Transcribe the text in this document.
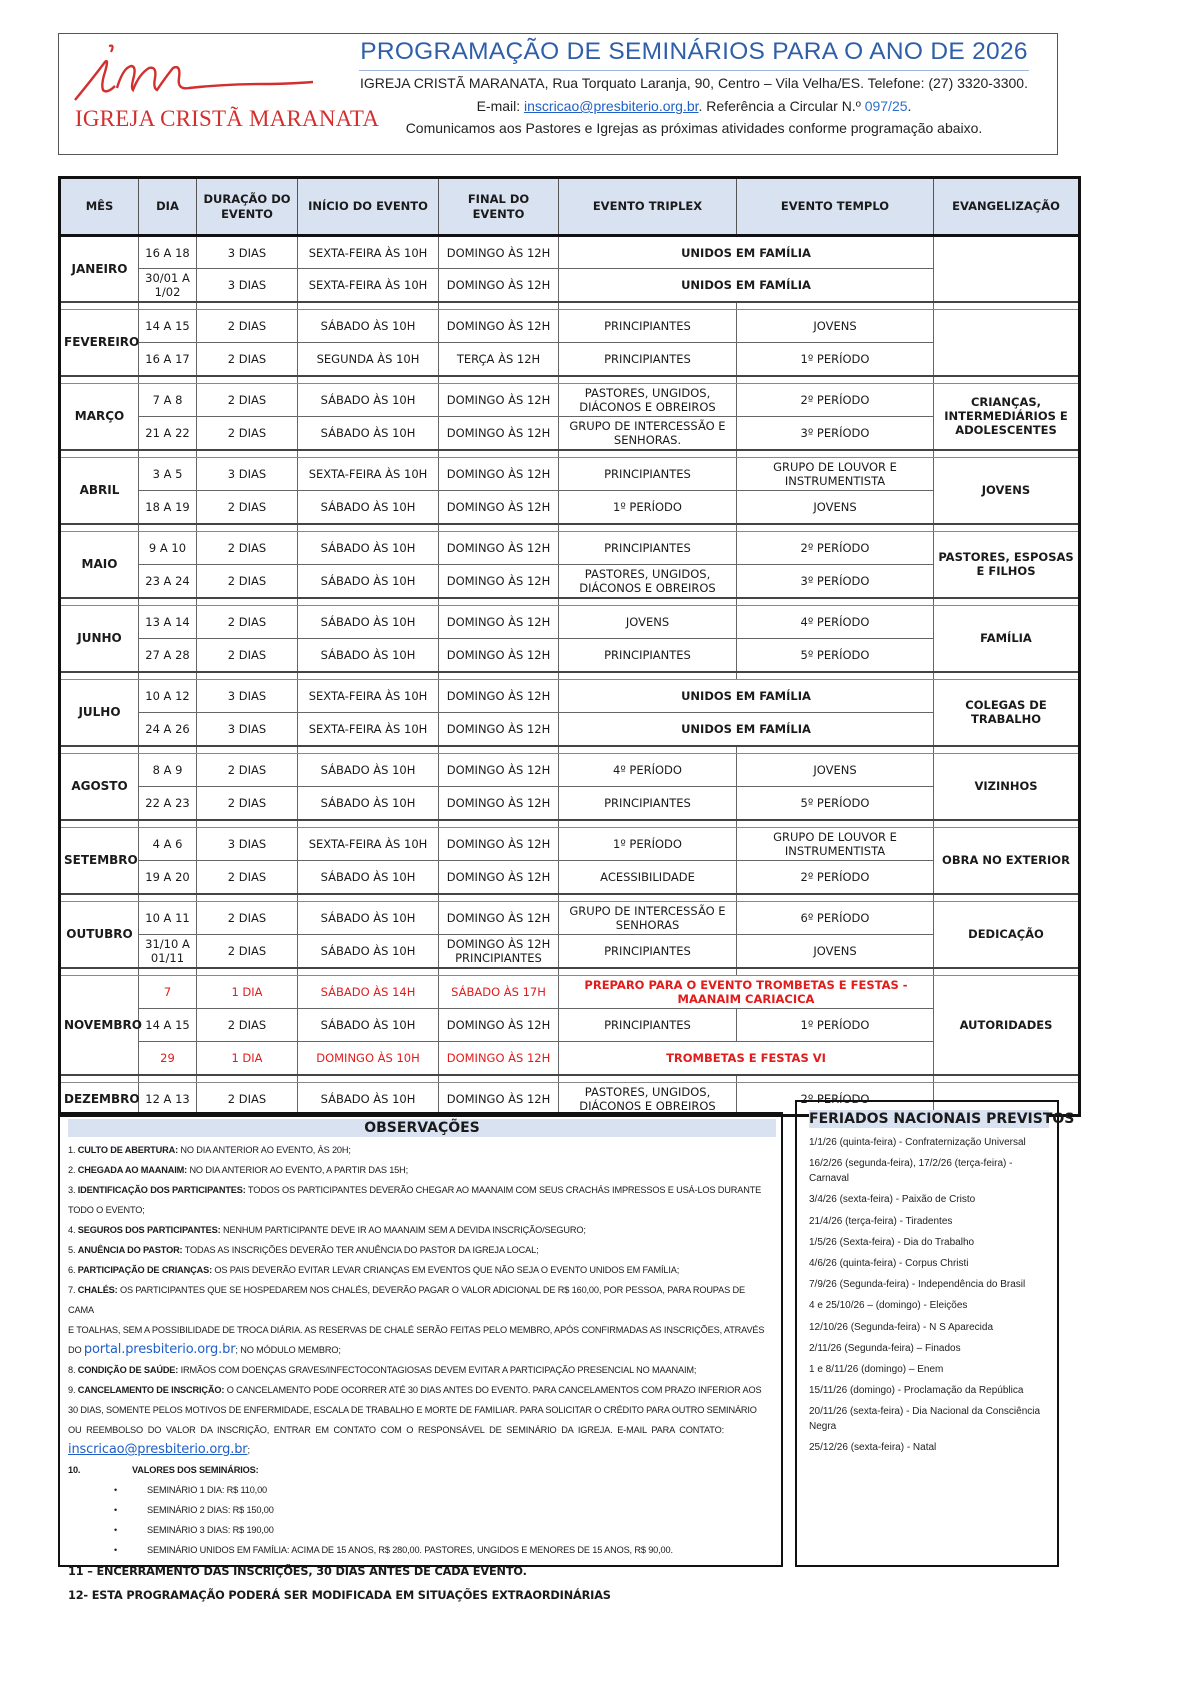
IGREJA CRISTÃ MARANATA
PROGRAMAÇÃO DE SEMINÁRIOS PARA O ANO DE 2026
IGREJA CRISTÃ MARANATA, Rua Torquato Laranja, 90, Centro – Vila Velha/ES. Telefone: (27) 3320-3300.
E-mail: inscricao@presbiterio.org.br. Referência a Circular N.º 097/25.
Comunicamos aos Pastores e Igrejas as próximas atividades conforme programação abaixo.
MÊS	DIA	DURAÇÃO DO EVENTO	INÍCIO DO EVENTO	FINAL DO EVENTO	EVENTO TRIPLEX	EVENTO TEMPLO	EVANGELIZAÇÃO
JANEIRO	16 A 18	3 DIAS	SEXTA-FEIRA ÀS 10H	DOMINGO ÀS 12H	UNIDOS EM FAMÍLIA		
	30/01 A 1/02	3 DIAS	SEXTA-FEIRA ÀS 10H	DOMINGO ÀS 12H	UNIDOS EM FAMÍLIA		

FEVEREIRO	14 A 15	2 DIAS	SÁBADO ÀS 10H	DOMINGO ÀS 12H	PRINCIPIANTES	JOVENS	
	16 A 17	2 DIAS	SEGUNDA ÀS 10H	TERÇA ÀS 12H	PRINCIPIANTES	1º PERÍODO	

MARÇO	7 A 8	2 DIAS	SÁBADO ÀS 10H	DOMINGO ÀS 12H	PASTORES, UNGIDOS, DIÁCONOS E OBREIROS	2º PERÍODO	CRIANÇAS, INTERMEDIÁRIOS E ADOLESCENTES
	21 A 22	2 DIAS	SÁBADO ÀS 10H	DOMINGO ÀS 12H	GRUPO DE INTERCESSÃO E SENHORAS.	3º PERÍODO	

ABRIL	3 A 5	3 DIAS	SEXTA-FEIRA ÀS 10H	DOMINGO ÀS 12H	PRINCIPIANTES	GRUPO DE LOUVOR E INSTRUMENTISTA	JOVENS
	18 A 19	2 DIAS	SÁBADO ÀS 10H	DOMINGO ÀS 12H	1º PERÍODO	JOVENS	

MAIO	9 A 10	2 DIAS	SÁBADO ÀS 10H	DOMINGO ÀS 12H	PRINCIPIANTES	2º PERÍODO	PASTORES, ESPOSAS E FILHOS
	23 A 24	2 DIAS	SÁBADO ÀS 10H	DOMINGO ÀS 12H	PASTORES, UNGIDOS, DIÁCONOS E OBREIROS	3º PERÍODO	

JUNHO	13 A 14	2 DIAS	SÁBADO ÀS 10H	DOMINGO ÀS 12H	JOVENS	4º PERÍODO	FAMÍLIA
	27 A 28	2 DIAS	SÁBADO ÀS 10H	DOMINGO ÀS 12H	PRINCIPIANTES	5º PERÍODO	

JULHO	10 A 12	3 DIAS	SEXTA-FEIRA ÀS 10H	DOMINGO ÀS 12H	UNIDOS EM FAMÍLIA		COLEGAS DE TRABALHO
	24 A 26	3 DIAS	SEXTA-FEIRA ÀS 10H	DOMINGO ÀS 12H	UNIDOS EM FAMÍLIA		

AGOSTO	8 A 9	2 DIAS	SÁBADO ÀS 10H	DOMINGO ÀS 12H	4º PERÍODO	JOVENS	VIZINHOS
	22 A 23	2 DIAS	SÁBADO ÀS 10H	DOMINGO ÀS 12H	PRINCIPIANTES	5º PERÍODO	

SETEMBRO	4 A 6	3 DIAS	SEXTA-FEIRA ÀS 10H	DOMINGO ÀS 12H	1º PERÍODO	GRUPO DE LOUVOR E INSTRUMENTISTA	OBRA NO EXTERIOR
	19 A 20	2 DIAS	SÁBADO ÀS 10H	DOMINGO ÀS 12H	ACESSIBILIDADE	2º PERÍODO	

OUTUBRO	10 A 11	2 DIAS	SÁBADO ÀS 10H	DOMINGO ÀS 12H	GRUPO DE INTERCESSÃO E SENHORAS	6º PERÍODO	DEDICAÇÃO
	31/10 A 01/11	2 DIAS	SÁBADO ÀS 10H	DOMINGO ÀS 12H PRINCIPIANTES	PRINCIPIANTES	JOVENS	

NOVEMBRO	7	1 DIA	SÁBADO ÀS 14H	SÁBADO ÀS 17H	PREPARO PARA O EVENTO TROMBETAS E FESTAS - MAANAIM CARIACICA		AUTORIDADES
	14 A 15	2 DIAS	SÁBADO ÀS 10H	DOMINGO ÀS 12H	PRINCIPIANTES	1º PERÍODO	
	29	1 DIA	DOMINGO ÀS 10H	DOMINGO ÀS 12H	TROMBETAS E FESTAS VI		

DEZEMBRO	12 A 13	2 DIAS	SÁBADO ÀS 10H	DOMINGO ÀS 12H	PASTORES, UNGIDOS, DIÁCONOS E OBREIROS	2º PERÍODO	
OBSERVAÇÕES
1. CULTO DE ABERTURA: NO DIA ANTERIOR AO EVENTO, ÀS 20H;
2. CHEGADA AO MAANAIM: NO DIA ANTERIOR AO EVENTO, A PARTIR DAS 15H;
3. IDENTIFICAÇÃO DOS PARTICIPANTES: TODOS OS PARTICIPANTES DEVERÃO CHEGAR AO MAANAIM COM SEUS CRACHÁS IMPRESSOS E USÁ-LOS DURANTE
TODO O EVENTO;
4. SEGUROS DOS PARTICIPANTES: NENHUM PARTICIPANTE DEVE IR AO MAANAIM SEM A DEVIDA INSCRIÇÃO/SEGURO;
5. ANUÊNCIA DO PASTOR: TODAS AS INSCRIÇÕES DEVERÃO TER ANUÊNCIA DO PASTOR DA IGREJA LOCAL;
6. PARTICIPAÇÃO DE CRIANÇAS: OS PAIS DEVERÃO EVITAR LEVAR CRIANÇAS EM EVENTOS QUE NÃO SEJA O EVENTO UNIDOS EM FAMÍLIA;
7. CHALÉS: OS PARTICIPANTES QUE SE HOSPEDAREM NOS CHALÉS, DEVERÃO PAGAR O VALOR ADICIONAL DE R$ 160,00, POR PESSOA, PARA ROUPAS DE CAMA
E TOALHAS, SEM A POSSIBILIDADE DE TROCA DIÁRIA. AS RESERVAS DE CHALÉ SERÃO FEITAS PELO MEMBRO, APÓS CONFIRMADAS AS INSCRIÇÕES, ATRAVÉS
DO portal.presbiterio.org.br; NO MÓDULO MEMBRO;
8. CONDIÇÃO DE SAÚDE: IRMÃOS COM DOENÇAS GRAVES/INFECTOCONTAGIOSAS DEVEM EVITAR A PARTICIPAÇÃO PRESENCIAL NO MAANAIM;
9. CANCELAMENTO DE INSCRIÇÃO: O CANCELAMENTO PODE OCORRER ATÉ 30 DIAS ANTES DO EVENTO. PARA CANCELAMENTOS COM PRAZO INFERIOR AOS
30 DIAS, SOMENTE PELOS MOTIVOS DE ENFERMIDADE, ESCALA DE TRABALHO E MORTE DE FAMILIAR. PARA SOLICITAR O CRÉDITO PARA OUTRO SEMINÁRIO
OU REEMBOLSO DO VALOR DA INSCRIÇÃO, ENTRAR EM CONTATO COM O RESPONSÁVEL DE SEMINÁRIO DA IGREJA. E-MAIL PARA CONTATO:
inscricao@presbiterio.org.br;
10.	VALORES DOS SEMINÁRIOS:
•	SEMINÁRIO 1 DIA: R$ 110,00
•	SEMINÁRIO 2 DIAS: R$ 150,00
•	SEMINÁRIO 3 DIAS: R$ 190,00
•	SEMINÁRIO UNIDOS EM FAMÍLIA: ACIMA DE 15 ANOS, R$ 280,00. PASTORES, UNGIDOS E MENORES DE 15 ANOS, R$ 90,00.
11 – ENCERRAMENTO DAS INSCRIÇÕES, 30 DIAS ANTES DE CADA EVENTO.
12- ESTA PROGRAMAÇÃO PODERÁ SER MODIFICADA EM SITUAÇÕES EXTRAORDINÁRIAS
FERIADOS NACIONAIS PREVISTOS
1/1/26 (quinta-feira) - Confraternização Universal
16/2/26 (segunda-feira), 17/2/26 (terça-feira) - Carnaval
3/4/26 (sexta-feira) - Paixão de Cristo
21/4/26 (terça-feira) - Tiradentes
1/5/26 (Sexta-feira) - Dia do Trabalho
4/6/26 (quinta-feira) - Corpus Christi
7/9/26 (Segunda-feira) - Independência do Brasil
4 e 25/10/26 – (domingo) - Eleições
12/10/26 (Segunda-feira) - N S Aparecida
2/11/26 (Segunda-feira) – Finados
1 e 8/11/26 (domingo) – Enem
15/11/26 (domingo) - Proclamação da República
20/11/26 (sexta-feira) - Dia Nacional da Consciência Negra
25/12/26 (sexta-feira) - Natal
